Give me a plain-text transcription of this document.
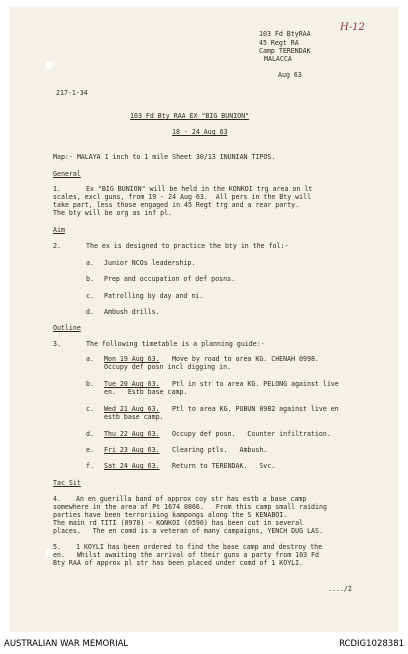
H-12
103 Fd BtyRAA
45 Regt RA
Camp TERENDAK
MALACCA
Aug 63
217-1-34
103 Fd Bty RAA EX "BIG BUNION"
18 - 24 Aug 63
Map:- MALAYA 1 inch to 1 mile Sheet 30/13 INUNIAN TIPOS.
General
1.	Ex "BIG BUNION" will be held in the KONKOI trg area on lt
scales, excl guns, from 19 - 24 Aug 63.  All pers in the Bty will
take part, less those engaged in 45 Regt trg and a rear party.
The bty will be org as inf pl.
Aim
2.	The ex is designed to practice the bty in the fol:-
a. Junior NCOs leadership.
b. Prep and occupation of def posns.
c. Patrolling by day and ni.
d. Ambush drills.
Outline
3.	The following timetable is a planning guide:-
a. Mon 19 Aug 63. Move by road to area KG. CHENAH 0998.
Occupy def posn incl digging in.
b. Tue 20 Aug 63. Ptl in str to area KG. PELONG against live
en.   Estb base camp.
c. Wed 21 Aug 63. Ptl to area KG. PUBUN 0982 against live en
estb base camp.
d. Thu 22 Aug 63. Occupy def posn.   Counter infiltration.
e. Fri 23 Aug 63. Clearing ptls.   Ambush.
f. Sat 24 Aug 63. Return to TERENDAK.   Svc.
Tac Sit
4. An en guerilla band of approx coy str has estb a base camp
somewhere in the area of Pt 1674 0866.   From this camp small raiding
parties have been terrorising kampongs along the S KENABOI.
The main rd TITI (0978) - KONKOI (0590) has been cut in several
places.   The en comd is a veteran of many campaigns, YENCH DUG LAS.
5. 1 KOYLI has been ordered to find the base camp and destroy the
en.   Whilst awaiting the arrival of their guns a party from 103 Fd
Bty RAA of approx pl str has been placed under comd of 1 KOYLI.
..../2
AUSTRALIAN WAR MEMORIAL	RCDIG1028381
